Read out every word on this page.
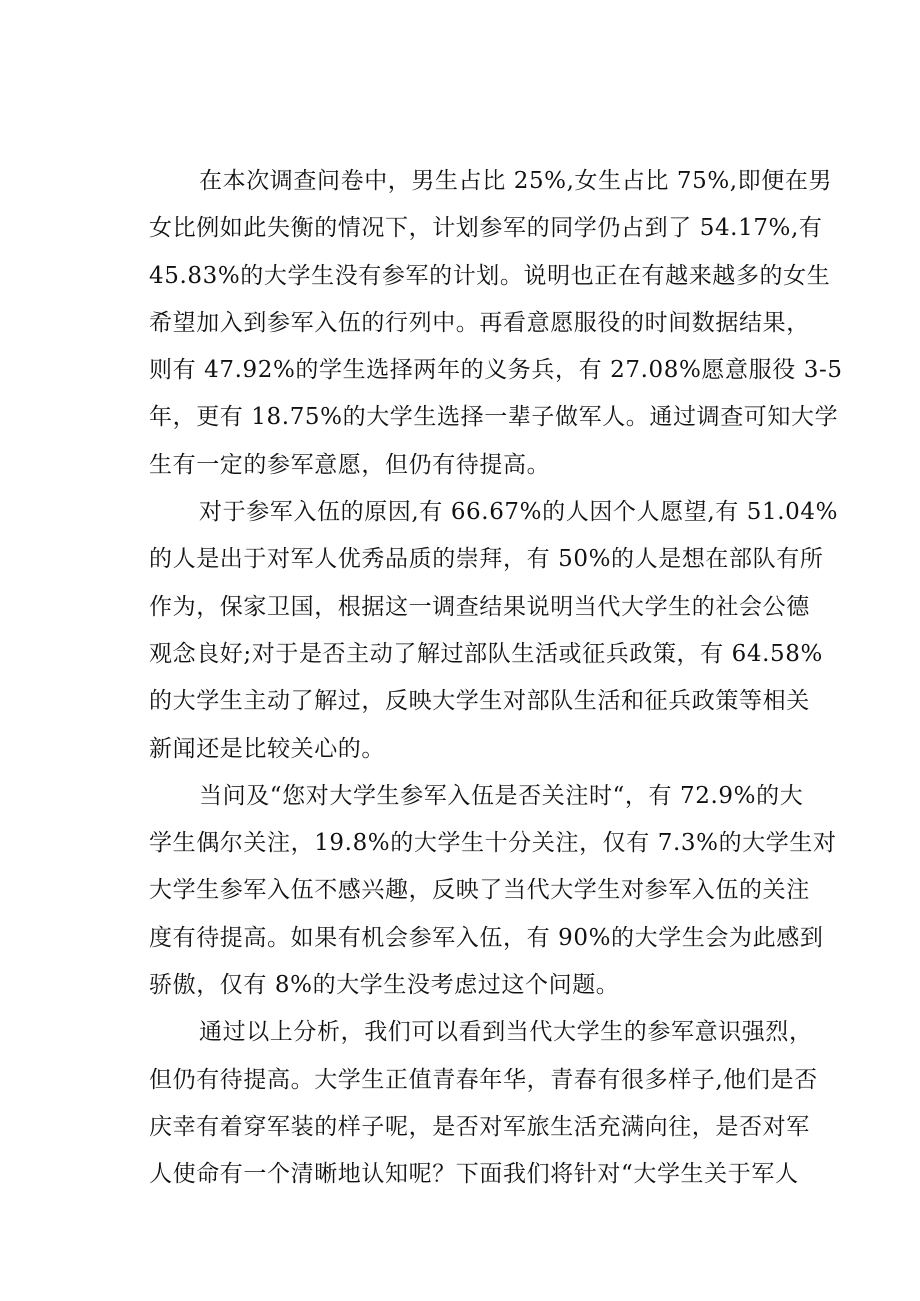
在本次调查问卷中，男生占比 25%,女生占比 75%,即便在男

女比例如此失衡的情况下，计划参军的同学仍占到了 54.17%,有

45.83%的大学生没有参军的计划。说明也正在有越来越多的女生

希望加入到参军入伍的行列中。再看意愿服役的时间数据结果，

则有 47.92%的学生选择两年的义务兵，有 27.08%愿意服役 3-5

年，更有 18.75%的大学生选择一辈子做军人。通过调查可知大学

生有一定的参军意愿，但仍有待提高。

对于参军入伍的原因,有 66.67%的人因个人愿望,有 51.04%

的人是出于对军人优秀品质的崇拜，有 50%的人是想在部队有所

作为，保家卫国，根据这一调查结果说明当代大学生的社会公德

观念良好;对于是否主动了解过部队生活或征兵政策，有 64.58%

的大学生主动了解过，反映大学生对部队生活和征兵政策等相关

新闻还是比较关心的。

当问及“您对大学生参军入伍是否关注时“，有 72.9%的大

学生偶尔关注，19.8%的大学生十分关注，仅有 7.3%的大学生对

大学生参军入伍不感兴趣，反映了当代大学生对参军入伍的关注

度有待提高。如果有机会参军入伍，有 90%的大学生会为此感到

骄傲，仅有 8%的大学生没考虑过这个问题。

通过以上分析，我们可以看到当代大学生的参军意识强烈，

但仍有待提高。大学生正值青春年华，青春有很多样子,他们是否

庆幸有着穿军装的样子呢，是否对军旅生活充满向往，是否对军

人使命有一个清晰地认知呢？下面我们将针对“大学生关于军人
